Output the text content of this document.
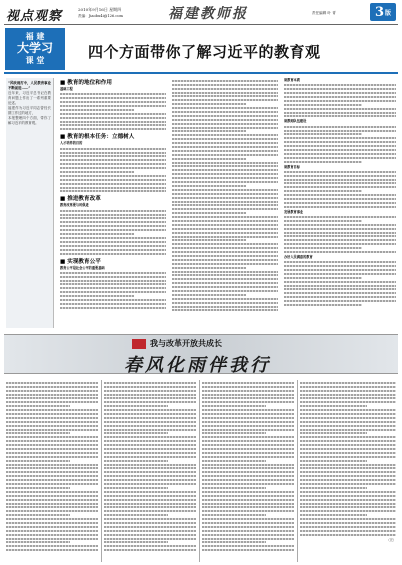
视点观察	2010年9月16日 星期四
责编：Jiaobu4i@126.com	福建教师报	责任编辑 叶 青	3 版
福 建
大学习
课 堂	四个方面带你了解习近平的教育观
“风吹雨打中，人民教育事业不断前进……”
近年来，习近平总书记在教育问题上作出了一系列重要论述。
福建作为习近平同志曾经长期工作过的地方，
本报整理四个方面，带你了解习近平的教育观。
■ 教育的地位和作用
基础工程
■ 教育的根本任务：立德树人
人才培养的目的
■ 推进教育改革
教育改革要与时俱进
■ 实现教育公平
教育公平是社会公平的重要基础
谈教育本质
谈教师队伍建设
谈教育目标
发展教育事业
办好人民满意的教育
我与改革开放共成长
春风化雨伴我行
（完）
